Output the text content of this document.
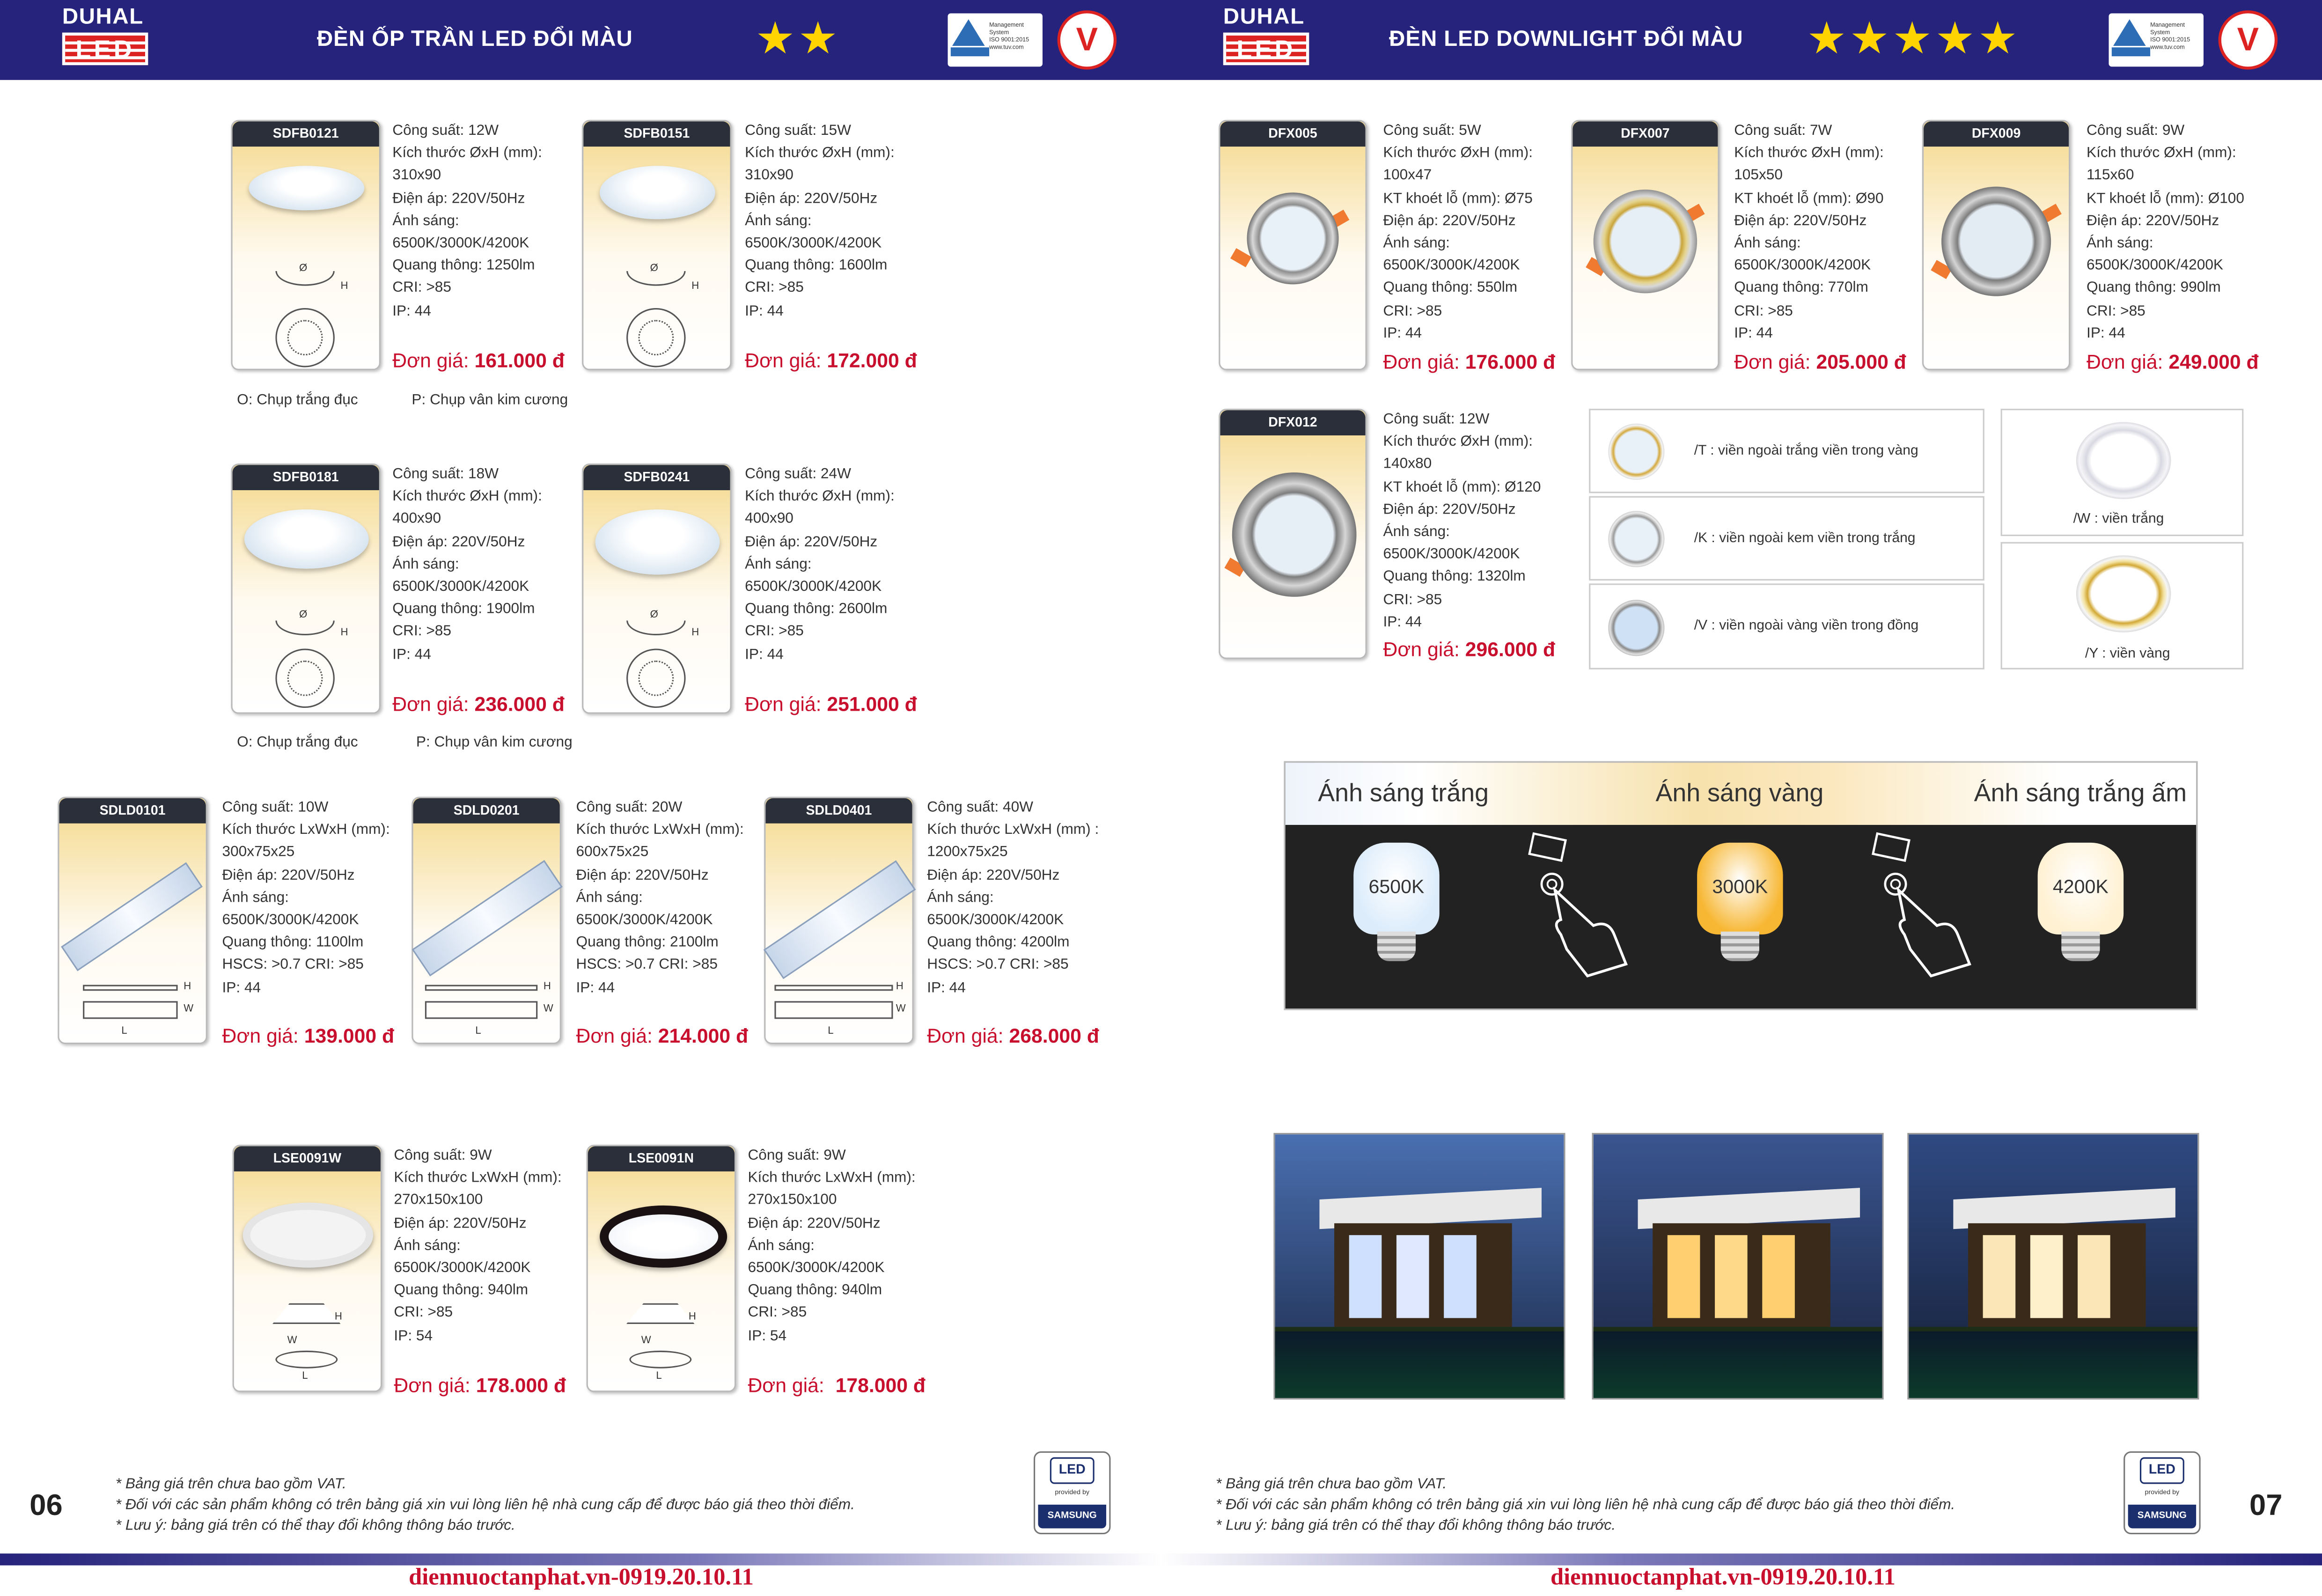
DUHAL
LED	ĐÈN ỐP TRẦN LED ĐỔI MÀU	★★	Management System
ISO 9001:2015
www.tuv.com	V
DUHAL
LED	ĐÈN LED DOWNLIGHT ĐỔI MÀU	★★★★★	Management System
ISO 9001:2015
www.tuv.com	V
SDFB0121
Ø
H
Công suất: 12W
Kích thước ØxH (mm):
310x90
Điện áp: 220V/50Hz
Ánh sáng:
6500K/3000K/4200K
Quang thông: 1250lm
CRI: >85
IP: 44
Đơn giá: 161.000 đ
SDFB0151
Ø
H
Công suất: 15W
Kích thước ØxH (mm):
310x90
Điện áp: 220V/50Hz
Ánh sáng:
6500K/3000K/4200K
Quang thông: 1600lm
CRI: >85
IP: 44
Đơn giá: 172.000 đ
O: Chụp trắng đục	P: Chụp vân kim cương
SDFB0181
Ø
H
Công suất: 18W
Kích thước ØxH (mm):
400x90
Điện áp: 220V/50Hz
Ánh sáng:
6500K/3000K/4200K
Quang thông: 1900lm
CRI: >85
IP: 44
Đơn giá: 236.000 đ
SDFB0241
Ø
H
Công suất: 24W
Kích thước ØxH (mm):
400x90
Điện áp: 220V/50Hz
Ánh sáng:
6500K/3000K/4200K
Quang thông: 2600lm
CRI: >85
IP: 44
Đơn giá: 251.000 đ
O: Chụp trắng đục	P: Chụp vân kim cương
SDLD0101
H
W
L
Công suất: 10W
Kích thước LxWxH (mm):
300x75x25
Điện áp: 220V/50Hz
Ánh sáng:
6500K/3000K/4200K
Quang thông: 1100lm
HSCS: >0.7 CRI: >85
IP: 44
Đơn giá: 139.000 đ
SDLD0201
H
W
L
Công suất: 20W
Kích thước LxWxH (mm):
600x75x25
Điện áp: 220V/50Hz
Ánh sáng:
6500K/3000K/4200K
Quang thông: 2100lm
HSCS: >0.7 CRI: >85
IP: 44
Đơn giá: 214.000 đ
SDLD0401
H
W
L
Công suất: 40W
Kích thước LxWxH (mm) :
1200x75x25
Điện áp: 220V/50Hz
Ánh sáng:
6500K/3000K/4200K
Quang thông: 4200lm
HSCS: >0.7 CRI: >85
IP: 44
Đơn giá: 268.000 đ
LSE0091W
H
L
W
Công suất: 9W
Kích thước LxWxH (mm):
270x150x100
Điện áp: 220V/50Hz
Ánh sáng:
6500K/3000K/4200K
Quang thông: 940lm
CRI: >85
IP: 54
Đơn giá: 178.000 đ
LSE0091N
H
L
W
Công suất: 9W
Kích thước LxWxH (mm):
270x150x100
Điện áp: 220V/50Hz
Ánh sáng:
6500K/3000K/4200K
Quang thông: 940lm
CRI: >85
IP: 54
Đơn giá: 178.000 đ
DFX005	Công suất: 5W
Kích thước ØxH (mm):
100x47
KT khoét lỗ (mm): Ø75
Điện áp: 220V/50Hz
Ánh sáng:
6500K/3000K/4200K
Quang thông: 550lm
CRI: >85
IP: 44
Đơn giá: 176.000 đ
DFX007	Công suất: 7W
Kích thước ØxH (mm):
105x50
KT khoét lỗ (mm): Ø90
Điện áp: 220V/50Hz
Ánh sáng:
6500K/3000K/4200K
Quang thông: 770lm
CRI: >85
IP: 44
Đơn giá: 205.000 đ
DFX009	Công suất: 9W
Kích thước ØxH (mm):
115x60
KT khoét lỗ (mm): Ø100
Điện áp: 220V/50Hz
Ánh sáng:
6500K/3000K/4200K
Quang thông: 990lm
CRI: >85
IP: 44
Đơn giá: 249.000 đ
DFX012	Công suất: 12W
Kích thước ØxH (mm):
140x80
KT khoét lỗ (mm): Ø120
Điện áp: 220V/50Hz
Ánh sáng:
6500K/3000K/4200K
Quang thông: 1320lm
CRI: >85
IP: 44
Đơn giá: 296.000 đ
/T : viền ngoài trắng viền trong vàng
/K : viền ngoài kem viền trong trắng
/V : viền ngoài vàng viền trong đồng
/W : viền trắng
/Y : viền vàng
Ánh sáng trắng	Ánh sáng vàng	Ánh sáng trắng ấm
6500K	3000K	4200K
06
* Bảng giá trên chưa bao gồm VAT.
* Đối với các sản phẩm không có trên bảng giá xin vui lòng liên hệ nhà cung cấp để được báo giá theo thời điểm.
* Lưu ý: bảng giá trên có thể thay đổi không thông báo trước.
LED
provided by
SAMSUNG
* Bảng giá trên chưa bao gồm VAT.
* Đối với các sản phẩm không có trên bảng giá xin vui lòng liên hệ nhà cung cấp để được báo giá theo thời điểm.
* Lưu ý: bảng giá trên có thể thay đổi không thông báo trước.
LED
provided by
SAMSUNG	07
diennuoctanphat.vn-0919.20.10.11	diennuoctanphat.vn-0919.20.10.11
